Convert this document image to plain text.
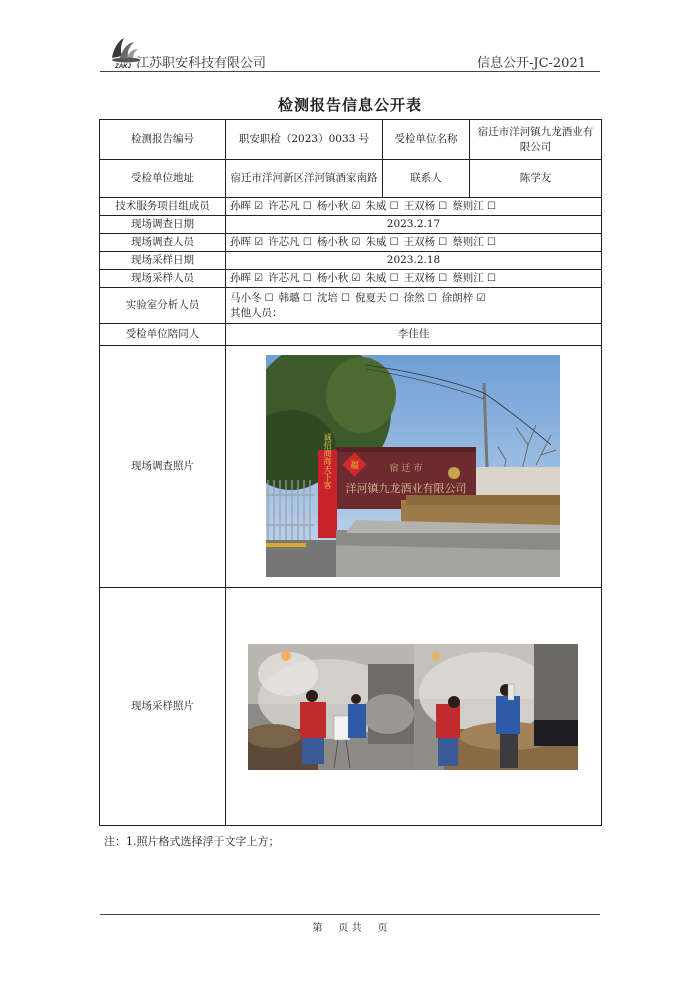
ZAKJ 江苏职安科技有限公司	信息公开-JC-2021
检测报告信息公开表
检测报告编号	职安职检（2023）0033 号	受检单位名称	宿迁市洋河镇九龙酒业有限公司
受检单位地址	宿迁市洋河新区洋河镇酒家南路	联系人	陈学友
技术服务项目组成员	孙晖 ☑ 许芯凡 ☐ 杨小秋 ☑ 朱威 ☐ 王双杨 ☐ 蔡则江 ☐		
现场调查日期	2023.2.17		
现场调查人员	孙晖 ☑ 许芯凡 ☐ 杨小秋 ☑ 朱威 ☐ 王双杨 ☐ 蔡则江 ☐		
现场采样日期	2023.2.18		
现场采样人员	孙晖 ☑ 许芯凡 ☐ 杨小秋 ☑ 朱威 ☐ 王双杨 ☐ 蔡则江 ☐		
实验室分析人员	马小冬 ☐ 韩璐 ☐ 沈培 ☐ 倪夏天 ☐ 徐然 ☐ 徐朗梓 ☑
其他人员：		

受检单位陪同人	李佳佳		
现场调查照片	宿 迁 市
洋河镇九龙酒业有限公司
福
诚招商海天下客		

现场采样照片	
注：1.照片格式选择浮于文字上方；
第     页 共     页
